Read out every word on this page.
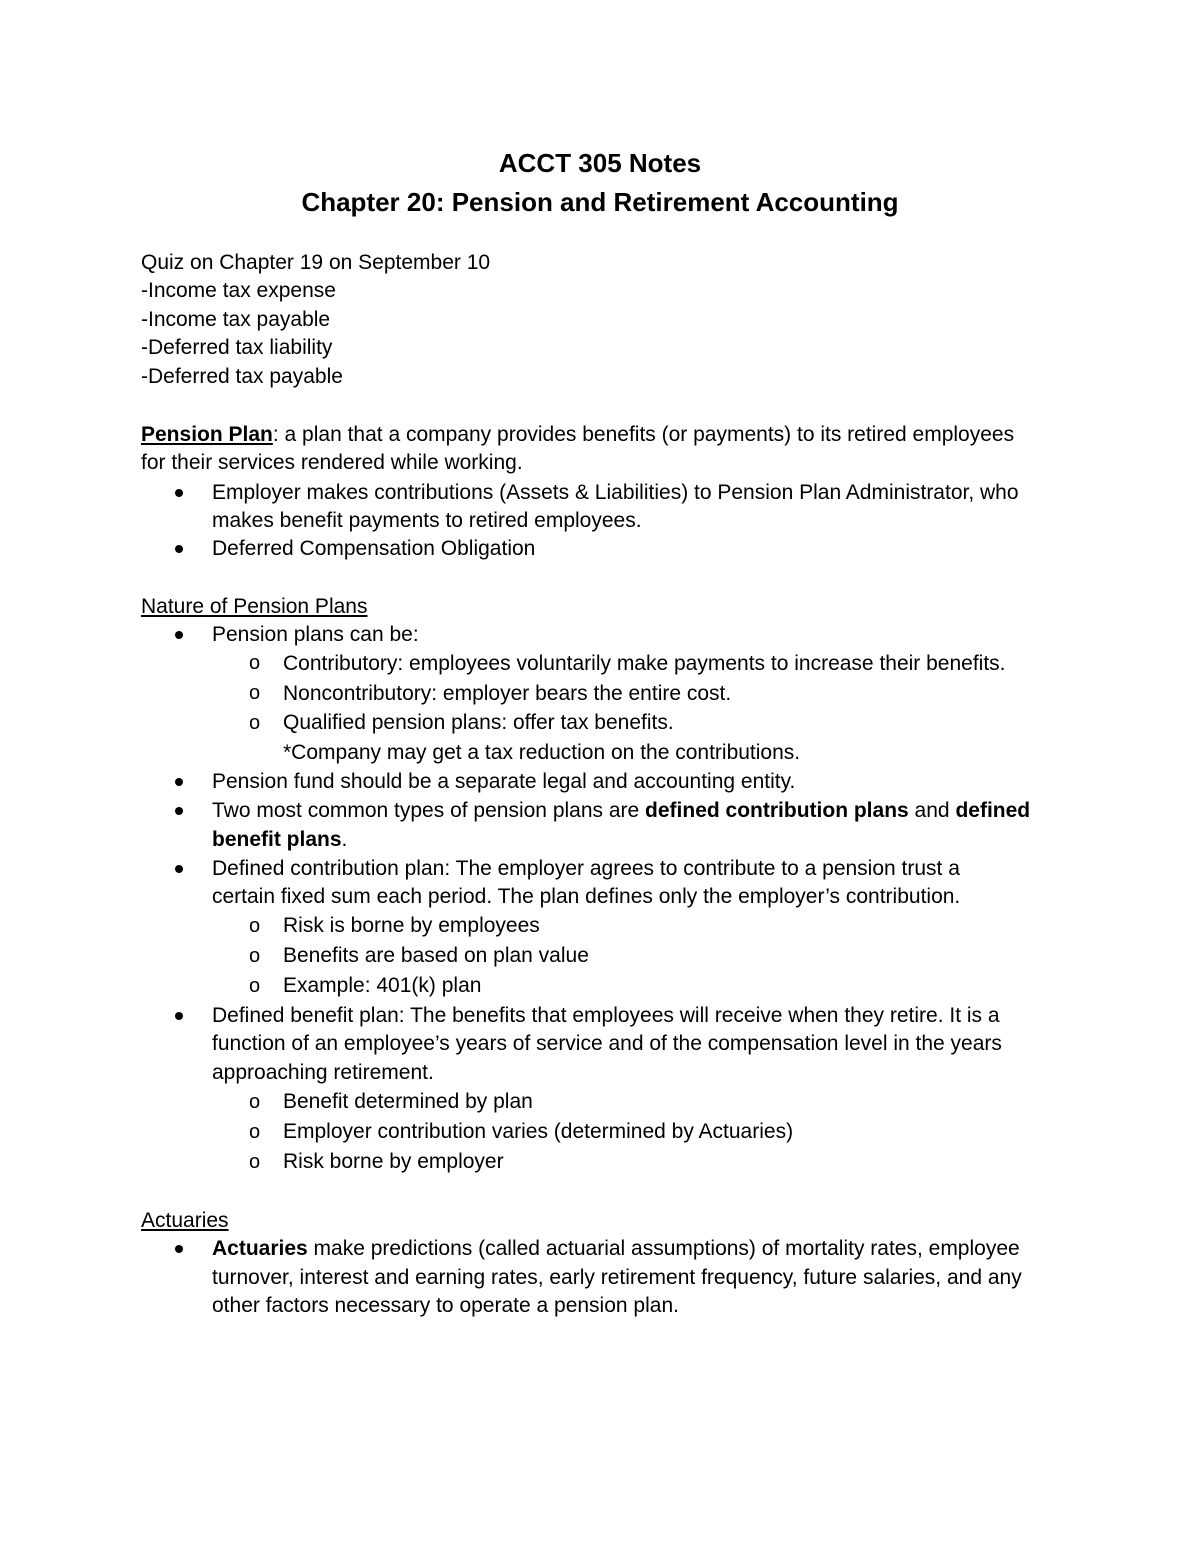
ACCT 305 Notes
Chapter 20: Pension and Retirement Accounting
Quiz on Chapter 19 on September 10
-Income tax expense
-Income tax payable
-Deferred tax liability
-Deferred tax payable
Pension Plan: a plan that a company provides benefits (or payments) to its retired employees
for their services rendered while working.
Employer makes contributions (Assets & Liabilities) to Pension Plan Administrator, who
makes benefit payments to retired employees.
Deferred Compensation Obligation
Nature of Pension Plans
Pension plans can be:
o Contributory: employees voluntarily make payments to increase their benefits.
o Noncontributory: employer bears the entire cost.
o Qualified pension plans: offer tax benefits.
*Company may get a tax reduction on the contributions.
Pension fund should be a separate legal and accounting entity.
Two most common types of pension plans are defined contribution plans and defined
benefit plans.
Defined contribution plan: The employer agrees to contribute to a pension trust a
certain fixed sum each period. The plan defines only the employer’s contribution.
o Risk is borne by employees
o Benefits are based on plan value
o Example: 401(k) plan
Defined benefit plan: The benefits that employees will receive when they retire. It is a
function of an employee’s years of service and of the compensation level in the years
approaching retirement.
o Benefit determined by plan
o Employer contribution varies (determined by Actuaries)
o Risk borne by employer
Actuaries
Actuaries make predictions (called actuarial assumptions) of mortality rates, employee
turnover, interest and earning rates, early retirement frequency, future salaries, and any
other factors necessary to operate a pension plan.
